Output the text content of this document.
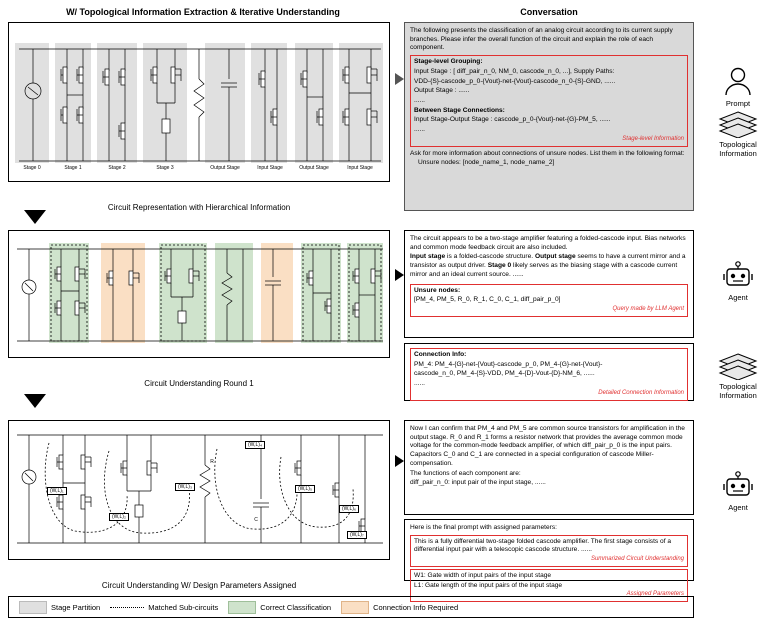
W/ Topological Information Extraction & Iterative Understanding	Conversation
Stage 0	Stage 1	Stage 2	Stage 3	Output Stage	Input Stage	Output Stage	Input Stage
Circuit Representation with Hierarchical Information

The following presents the classification of an analog circuit according to its current supply branches. Please infer the overall function of the circuit and explain the role of each component.

Stage-level Grouping:

Input Stage : [ diff_pair_n_0, NM_0, cascode_n_0, ...], Supply Paths:

VDD-{S}-cascode_p_0-{Vout}-net-{Vout}-cascode_n_0-{S}-GND, ......

Output Stage : ......

......

Between Stage Connections:

Input Stage-Output Stage : cascode_p_0-{Vout}-net-{G}-PM_5, ......

......

Stage-level Information

Ask for more information about connections of unsure nodes. List them in the following format:

Unsure nodes: [node_name_1, node_name_2]

Prompt
Topological Information
Circuit Understanding Round 1

The circuit appears to be a two-stage amplifier featuring a folded-cascode input. Bias networks and common mode feedback circuit are also included.

Input stage is a folded-cascode structure. Output stage seems to have a current mirror and a transistor as output driver. Stage 0 likely serves as the biasing stage with a cascode current mirror and an ideal current source. ......

Unsure nodes:

[PM_4, PM_5, R_0, R_1, C_0, C_1, diff_pair_p_0]

Query made by LLM Agent

Connection Info:

PM_4: PM_4-{G}-net-{Vout}-cascode_p_0, PM_4-{G}-net-{Vout}-

cascode_n_0, PM_4-{S}-VDD, PM_4-{D}-Vout-{D}-NM_6, ......

......

Detailed Connection Information
Agent
Topological Information
(W,L)₁
(W,L)₂
(W,L)₃
(W,L)₄
(W,L)₅
(W,L)₆
(W,L)₇
R
C
Circuit Understanding W/ Design Parameters Assigned

Now I can confirm that PM_4 and PM_5 are common source transistors for amplification in the output stage. R_0 and R_1 forms a resistor network that provides the average common mode voltage for the common-mode feedback amplifier, of which diff_pair_p_0 is the input pairs. Capacitors C_0 and C_1 are connected in a special configuration of cascode Miller-compensation.

The functions of each component are:

diff_pair_n_0: input pair of the input stage, ......

Here is the final prompt with assigned parameters:

This is a fully differential two-stage folded cascode amplifier. The first stage consists of a differential input pair with a telescopic cascode structure. ......

Summarized Circuit Understanding

W1: Gate width of input pairs of the input stage

L1: Gate length of the input pairs of the input stage

Assigned Parameters
Agent
Stage Partition	Matched Sub-circuits	Correct Classification	Connection Info Required
